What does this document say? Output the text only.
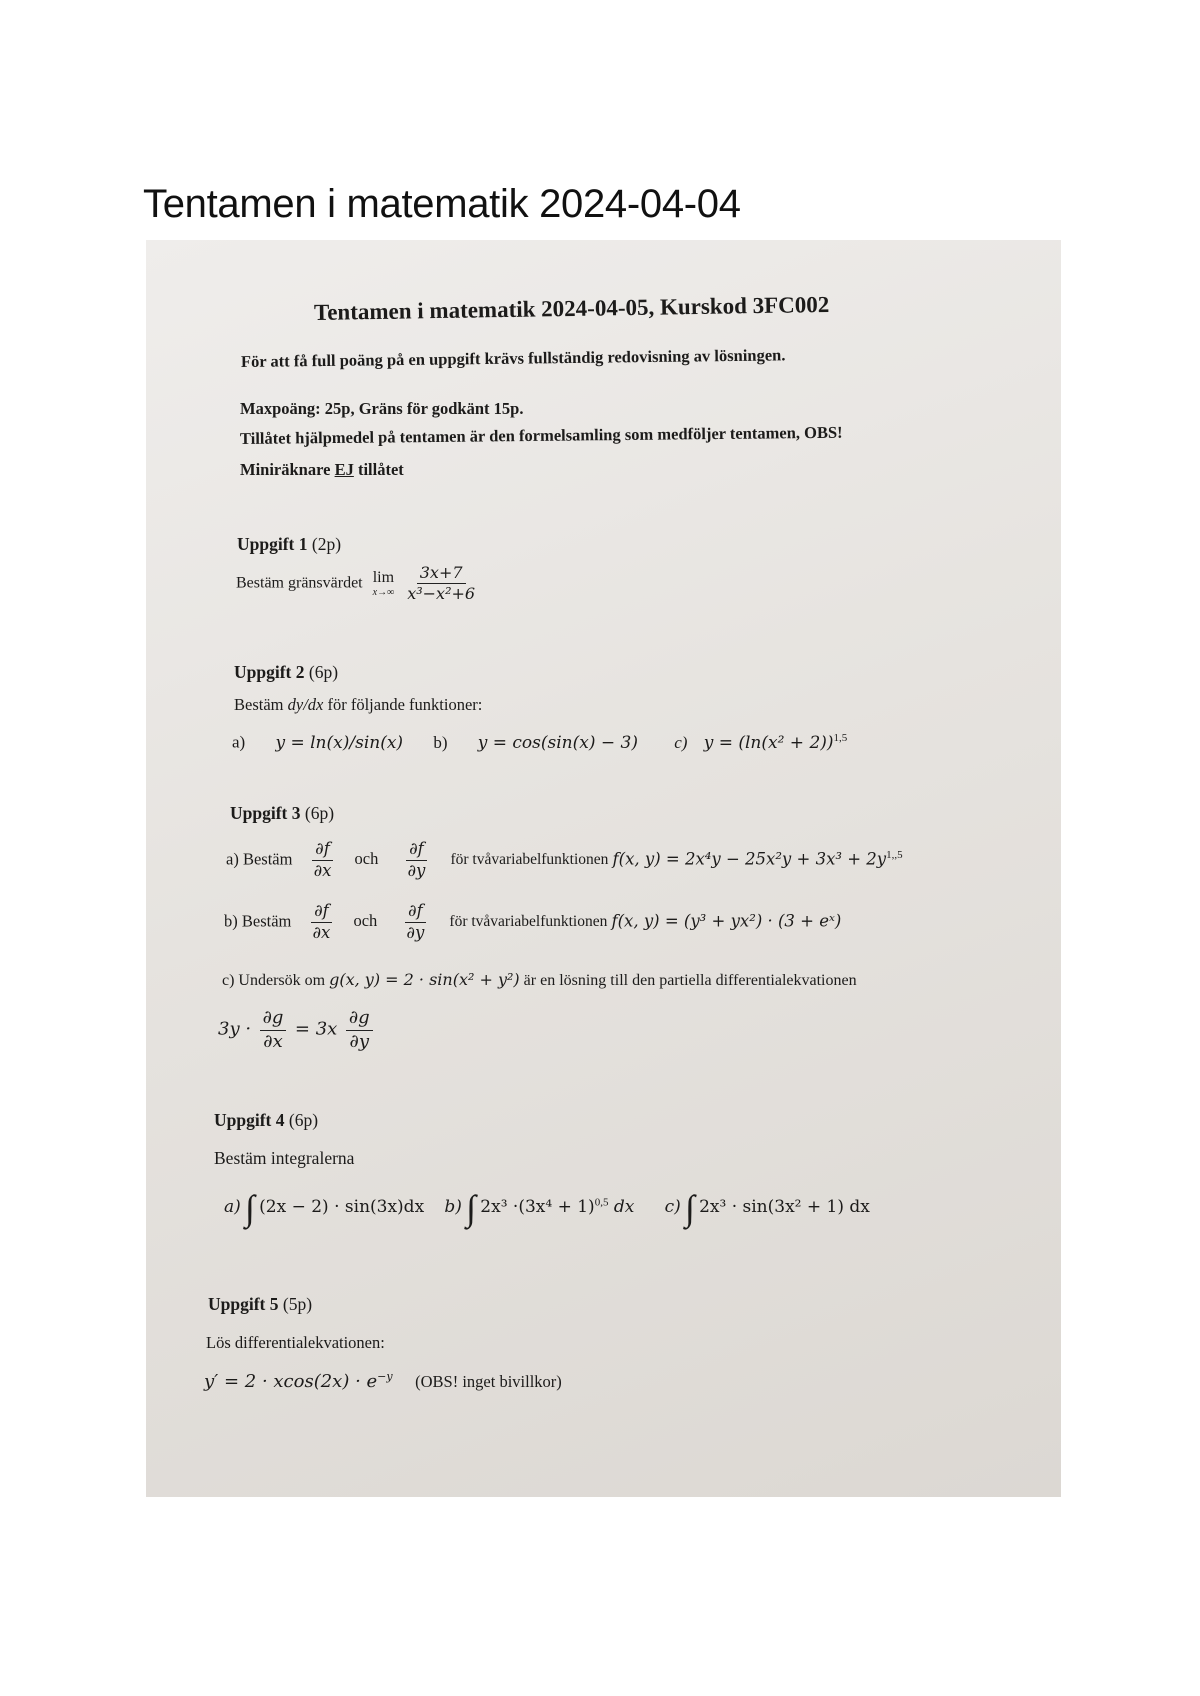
Tentamen i matematik 2024-04-04
Tentamen i matematik 2024-04-05, Kurskod 3FC002
För att få full poäng på en uppgift krävs fullständig redovisning av lösningen.
Maxpoäng: 25p, Gräns för godkänt 15p.
Tillåtet hjälpmedel på tentamen är den formelsamling som medföljer tentamen, OBS!
Miniräknare EJ tillåtet
Uppgift 1 (2p)
Bestäm gränsvärdet lim
x→∞
$\frac{3x+7}{\text{x³−x²+6}}$
Uppgift 2 (6p)
Bestäm dy/dx för följande funktioner:
a) y = ln(x)/sin(x) b) y = cos(sin(x) − 3) c) $y = (\ln(x^2 + 2))^{1,5}$
Uppgift 3 (6p)
a) Bestäm $\frac{\partial f}{\partial x}$ och $\frac{\partial f}{\partial y}$ för tvåvariabelfunktionen f(x, $y) = 2x^4y - 25x^2y + 3x^3 + 2y^{1,,5}$
b) Bestäm $\frac{\partial f}{\partial x}$ och $\frac{\partial f}{\partial y}$ för tvåvariabelfunktionen f(x, y) = (y³ + yx²) · (3 + eˣ)
c) Undersök om g(x, y) = 2 · sin(x² + y²) är en lösning till den partiella differentialekvationen
$3y \cdot \frac{\partial g}{\partial x} = 3x \frac{\partial g}{\partial y}$
Uppgift 4 (6p)
Bestäm integralerna
a) ∫ (2x − 2) · sin(3x)dx b) ∫ $2x^3 \cdot(3x^4 + 1)^{0,5}$ dx c) ∫ 2x³ · sin(3x² + 1) dx
Uppgift 5 (5p)
Lös differentialekvationen:
$y' = 2 \cdot xcos(2x) \cdot e^{-y}$ (OBS! inget bivillkor)
